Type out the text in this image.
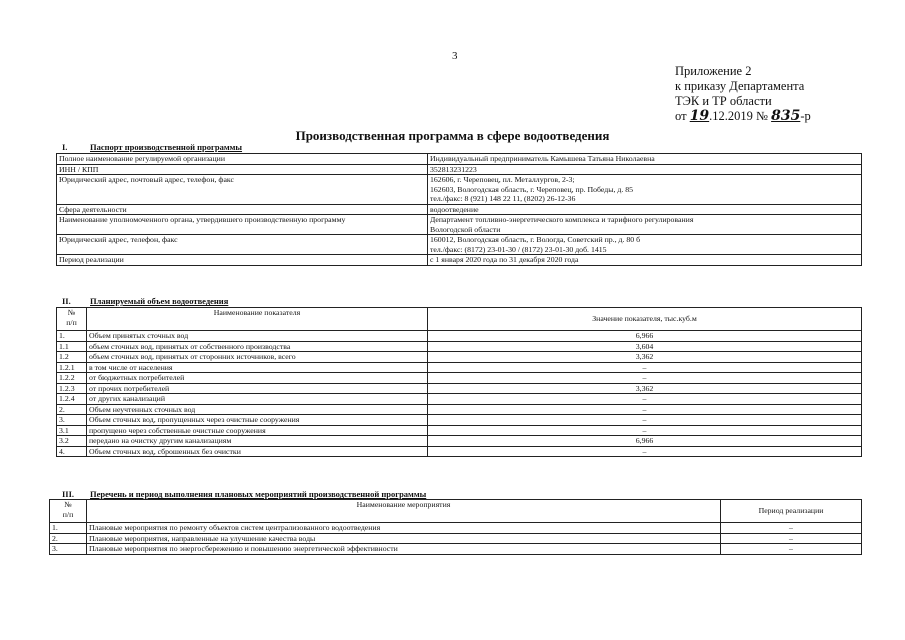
3
Приложение 2
к приказу Департамента
ТЭК и ТР области
от 19.12.2019 № 835-р
Производственная программа в сфере водоотведения
I.	Паспорт производственной программы
Полное наименование регулируемой организации	Индивидуальный предприниматель Камышева Татьяна Николаевна
ИНН / КПП	352813231223
Юридический адрес, почтовый адрес, телефон, факс	162606, г. Череповец, пл. Металлургов, 2-3;
162603, Вологодская область, г. Череповец, пр. Победы, д. 85
тел./факс: 8 (921) 148 22 11, (8202) 26-12-36
Сфера деятельности	водоотведение
Наименование уполномоченного органа, утвердившего производственную программу	Департамент топливно-энергетического комплекса и тарифного регулирования
Вологодской области
Юридический адрес, телефон, факс	160012, Вологодская область, г. Вологда, Советский пр., д. 80 б
тел./факс: (8172) 23-01-30 / (8172) 23-01-30 доб. 1415
Период реализации	с 1 января 2020 года по 31 декабря 2020 года
II. Планируемый объем водоотведения
№
п/п	Наименование показателя	Значение показателя, тыс.куб.м
1.	Объем принятых сточных вод	6,966
1.1	объем сточных вод, принятых от собственного производства	3,604
1.2	объем сточных вод, принятых от сторонних источников, всего	3,362
1.2.1	в том числе от населения	–
1.2.2	от бюджетных потребителей	–
1.2.3	от прочих потребителей	3,362
1.2.4	от других канализаций	–
2.	Объем неучтенных сточных вод	–
3.	Объем сточных вод, пропущенных через очистные сооружения	–
3.1	пропущено через собственные очистные сооружения	–
3.2	передано на очистку другим канализациям	6,966
4.	Объем сточных вод, сброшенных без очистки	–
III. Перечень и период выполнения плановых мероприятий производственной программы
№
п/п	Наименование мероприятия	Период реализации
1.	Плановые мероприятия по ремонту объектов систем централизованного водоотведения	–
2.	Плановые мероприятия, направленные на улучшение качества воды	–
3.	Плановые мероприятия по энергосбережению и повышению энергетической эффективности	–
